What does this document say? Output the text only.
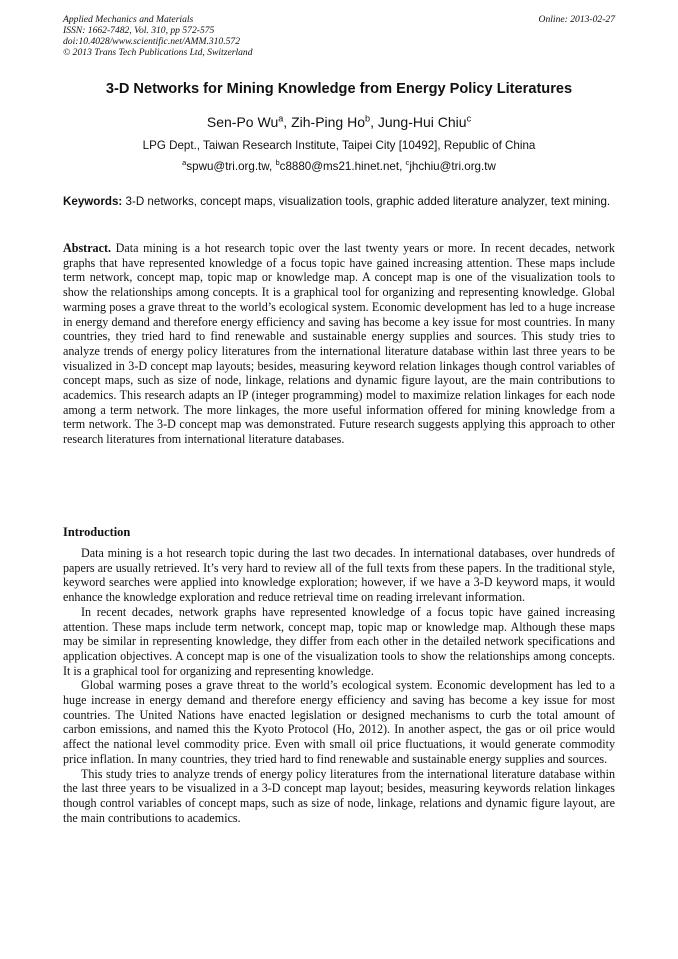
Applied Mechanics and Materials
ISSN: 1662-7482, Vol. 310, pp 572-575
doi:10.4028/www.scientific.net/AMM.310.572
© 2013 Trans Tech Publications Ltd, Switzerland
Online: 2013-02-27
3-D Networks for Mining Knowledge from Energy Policy Literatures
Sen-Po Wu$^a$, Zih-Ping Ho$^b$, Jung-Hui Chiu$^c$
LPG Dept., Taiwan Research Institute, Taipei City [10492], Republic of China
$^a$spwu@tri.org.tw, $^b$c8880@ms21.hinet.net, $^c$jhchiu@tri.org.tw
Keywords: 3-D networks, concept maps, visualization tools, graphic added literature analyzer, text mining.
Abstract. Data mining is a hot research topic over the last twenty years or more. In recent decades, network graphs that have represented knowledge of a focus topic have gained increasing attention. These maps include term network, concept map, topic map or knowledge map. A concept map is one of the visualization tools to show the relationships among concepts. It is a graphical tool for organizing and representing knowledge. Global warming poses a grave threat to the world’s ecological system. Economic development has led to a huge increase in energy demand and therefore energy efficiency and saving has become a key issue for most countries. In many countries, they tried hard to find renewable and sustainable energy supplies and sources. This study tries to analyze trends of energy policy literatures from the international literature database within last three years to be visualized in 3-D concept map layouts; besides, measuring keyword relation linkages though control variables of concept maps, such as size of node, linkage, relations and dynamic figure layout, are the main contributions to academics. This research adapts an IP (integer programming) model to maximize relation linkages for each node among a term network. The more linkages, the more useful information offered for mining knowledge from a term network. The 3-D concept map was demonstrated. Future research suggests applying this approach to other research literatures from international literature databases.
Introduction

Data mining is a hot research topic during the last two decades. In international databases, over hundreds of papers are usually retrieved. It’s very hard to review all of the full texts from these papers. In the traditional style, keyword searches were applied into knowledge exploration; however, if we have a 3-D keyword maps, it would enhance the knowledge exploration and reduce retrieval time on reading irrelevant information.

In recent decades, network graphs have represented knowledge of a focus topic have gained increasing attention. These maps include term network, concept map, topic map or knowledge map. Although these maps may be similar in representing knowledge, they differ from each other in the detailed network specifications and application objectives. A concept map is one of the visualization tools to show the relationships among concepts. It is a graphical tool for organizing and representing knowledge.

Global warming poses a grave threat to the world’s ecological system. Economic development has led to a huge increase in energy demand and therefore energy efficiency and saving has become a key issue for most countries. The United Nations have enacted legislation or designed mechanisms to curb the total amount of carbon emissions, and named this the Kyoto Protocol (Ho, 2012). In another aspect, the gas or oil price would affect the national level commodity price. Even with small oil price fluctuations, it would generate commodity price inflation. In many countries, they tried hard to find renewable and sustainable energy supplies and sources.

This study tries to analyze trends of energy policy literatures from the international literature database within the last three years to be visualized in a 3-D concept map layout; besides, measuring keywords relation linkages though control variables of concept maps, such as size of node, linkage, relations and dynamic figure layout, are the main contributions to academics.
